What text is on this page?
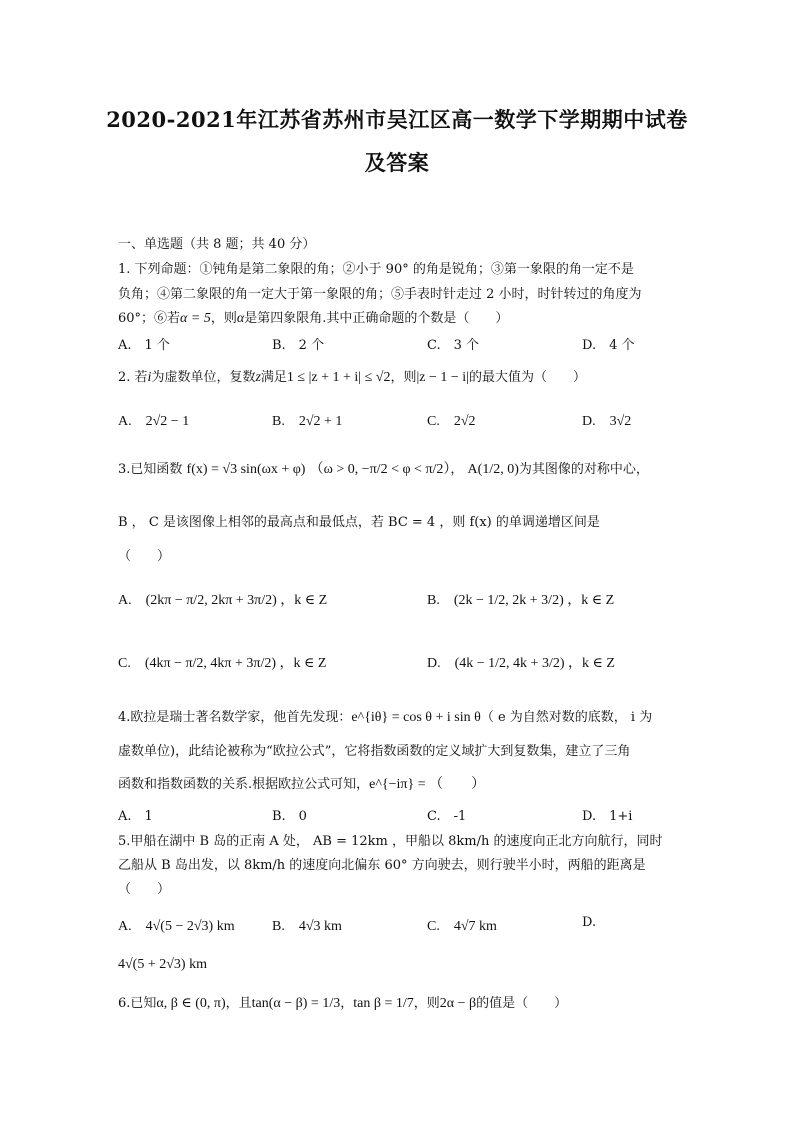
2020-2021年江苏省苏州市吴江区高一数学下学期期中试卷
及答案
一、单选题（共 8 题；共 40 分）
1. 下列命题：①钝角是第二象限的角；②小于 90° 的角是锐角；③第一象限的角一定不是
负角；④第二象限的角一定大于第一象限的角；⑤手表时针走过 2 小时，时针转过的角度为
60°；⑥若α = 5，则α是第四象限角.其中正确命题的个数是（　　）
A.　1 个	B.　2 个	C.　3 个	D.　4 个
2. 若i为虚数单位，复数z满足1 ≤ |z + 1 + i| ≤ √2，则|z − 1 − i|的最大值为（　　）
A.　2√2 − 1	B.　2√2 + 1	C.　2√2	D.　3√2
3.已知函数 f(x) = √3 sin(ωx + φ) （ω > 0, −π/2 < φ < π/2）， A(1/2, 0)为其图像的对称中心，
B ， C 是该图像上相邻的最高点和最低点，若 BC = 4 ，则 f(x) 的单调递增区间是
（　　）
A.　(2kπ − π/2, 2kπ + 3π/2) ，k ∈ Z	B.　(2k − 1/2, 2k + 3/2) ，k ∈ Z
C.　(4kπ − π/2, 4kπ + 3π/2) ，k ∈ Z	D.　(4k − 1/2, 4k + 3/2) ，k ∈ Z
4.欧拉是瑞士著名数学家，他首先发现：e^{iθ} = cos θ + i sin θ（ e 为自然对数的底数， i 为
虚数单位)，此结论被称为“欧拉公式”，它将指数函数的定义域扩大到复数集，建立了三角
函数和指数函数的关系.根据欧拉公式可知，e^{−iπ} = （　　）
A.　1	B.　0	C.　-1	D.　1+i
5.甲船在湖中 B 岛的正南 A 处， AB = 12km ，甲船以 8km/h 的速度向正北方向航行，同时
乙船从 B 岛出发，以 8km/h 的速度向北偏东 60° 方向驶去，则行驶半小时，两船的距离是
（　　）
A.　4√(5 − 2√3) km	B.　4√3 km	C.　4√7 km	D.
4√(5 + 2√3) km
6.已知α, β ∈ (0, π)，且tan(α − β) = 1/3，tan β = 1/7，则2α − β的值是（　　）
